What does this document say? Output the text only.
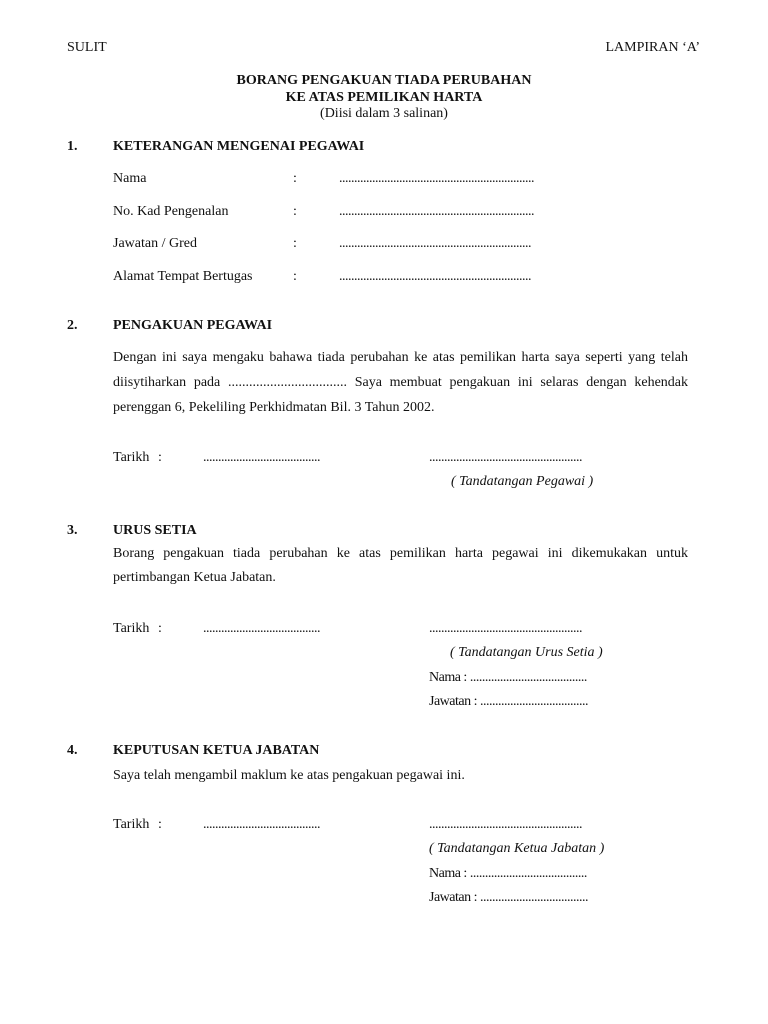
SULIT	LAMPIRAN ‘A’
BORANG PENGAKUAN TIADA PERUBAHAN
KE ATAS PEMILIKAN HARTA
(Diisi dalam 3 salinan)
1.	KETERANGAN MENGENAI PEGAWAI
Nama	:	.................................................................
No. Kad Pengenalan	:	.................................................................
Jawatan / Gred	:	................................................................
Alamat Tempat Bertugas	:	................................................................
2.	PENGAKUAN PEGAWAI
Dengan ini saya mengaku bahawa tiada perubahan ke atas pemilikan harta saya seperti yang telah diisytiharkan pada .................................. Saya membuat pengakuan ini selaras dengan kehendak perenggan 6, Pekeliling Perkhidmatan Bil. 3 Tahun 2002.
Tarikh :	.......................................	...................................................
( Tandatangan Pegawai )
3.	URUS SETIA
Borang pengakuan tiada perubahan ke atas pemilikan harta pegawai ini dikemukakan untuk pertimbangan Ketua Jabatan.
Tarikh :	.......................................	...................................................
( Tandatangan Urus Setia )
Nama : .......................................
Jawatan : ....................................
4.	KEPUTUSAN KETUA JABATAN
Saya telah mengambil maklum ke atas pengakuan pegawai ini.
Tarikh :	.......................................	...................................................
( Tandatangan Ketua Jabatan )
Nama : .......................................
Jawatan : ....................................
